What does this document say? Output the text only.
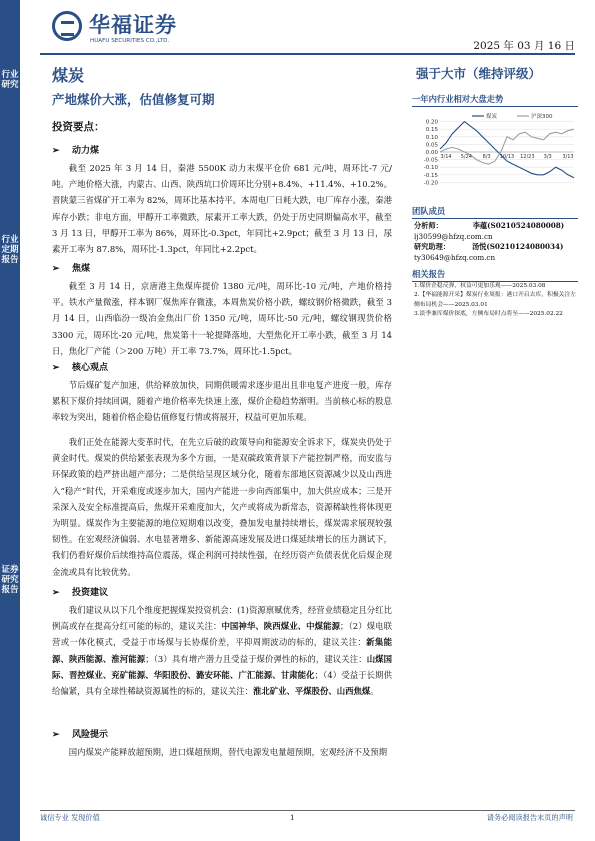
行业研究
行业定期报告
证券研究报告
华福证券
HUAFU SECURITIES CO.,LTD.	2025 年 03 月 16 日
煤炭
产地煤价大涨，估值修复可期
投资要点：
➢ 动力煤
截至 2025 年 3 月 14 日，秦港 5500K 动力末煤平仓价 681 元/吨，周环比-7 元/吨。产地价格大涨，内蒙古、山西、陕西坑口价周环比分别+8.4%、+11.4%、+10.2%。晋陕蒙三省煤矿开工率为 82%，周环比基本持平。本周电厂日耗大跌，电厂库存小涨，秦港库存小跌；非电方面，甲醇开工率微跌，尿素开工率大跌，仍处于历史同期偏高水平，截至 3 月 13 日，甲醇开工率为 86%，周环比-0.3pct，年同比+2.9pct；截至 3 月 13 日，尿素开工率为 87.8%，周环比-1.3pct，年同比+2.2pct。
➢ 焦煤
截至 3 月 14 日，京唐港主焦煤库提价 1380 元/吨，周环比-10 元/吨，产地价格持平。铁水产量微涨，样本钢厂煤焦库存微涨，本周焦炭价格小跌，螺纹钢价格微跌，截至 3 月 14 日，山西临汾一级冶金焦出厂价 1350 元/吨，周环比-50 元/吨，螺纹钢现货价格 3300 元，周环比-20 元/吨，焦炭第十一轮提降落地，大型焦化开工率小跌，截至 3 月 14 日，焦化厂产能（＞200 万吨）开工率 73.7%，周环比-1.5pct。
➢ 核心观点
节后煤矿复产加速，供给释放加快，同期供暖需求逐步退出且非电复产进度一般，库存累积下煤价持续回调，随着产地价格率先快速上涨，煤价企稳趋势渐明。当前核心标的股息率较为突出，随着价格企稳估值修复行情或将展开，权益可更加乐观。
我们正处在能源大变革时代，在先立后破的政策导向和能源安全诉求下，煤炭央仍处于黄金时代。煤炭的供给紧张表现为多个方面，一是双碳政策背景下产能控制严格，而安监与环保政策的趋严挤出超产部分；二是供给呈现区域分化，随着东部地区资源减少以及山西进入“稳产”时代，开采难度或逐步加大，国内产能进一步向西部集中，加大供应成本；三是开采深入及安全标准提高后，焦煤开采难度加大，欠产或将成为新常态，资源稀缺性将体现更为明显。煤炭作为主要能源的地位短期难以改变，叠加发电量持续增长，煤炭需求展现较强韧性。在宏观经济偏弱、水电显著增多、新能源高速发展及进口煤延续增长的压力测试下，我们仍看好煤价后续维持高位震荡，煤企利润可持续性强，在经历资产负债表优化后煤企现金流或具有比较优势。
➢ 投资建议
我们建议从以下几个维度把握煤炭投资机会：(1)资源禀赋优秀，经营业绩稳定且分红比例高或存在提高分红可能的标的，建议关注：中国神华、陕西煤业、中煤能源；（2）煤电联营或一体化模式，受益于市场煤与长协煤价差，平抑周期波动的标的，建议关注：新集能源、陕西能源、淮河能源；（3）具有增产潜力且受益于煤价弹性的标的，建议关注：山煤国际、晋控煤业、兖矿能源、华阳股份、潞安环能、广汇能源、甘肃能化；（4）受益于长期供给偏紧，具有全球性稀缺资源属性的标的，建议关注：淮北矿业、平煤股份、山西焦煤。
➢ 风险提示
国内煤炭产能释放超预期，进口煤超预期，替代电源发电量超预期，宏观经济不及预期
强于大市（维持评级）
一年内行业相对大盘走势
0.20
0.15
0.10
0.05
0.00
-0.05
-0.10
-0.15
-0.20
3/14 5/24 8/3 10/13 12/23 3/3 3/13
煤炭	沪深300
团队成员
分析师：	李蕴(S0210524080008)
lj30599@hfzq.com.cn
研究助理：	汤悦(S0210124080034)
ty30649@hfzq.com.cn
相关报告
1.煤价企稳反弹，权益可更加乐观——2025.03.08
2.【华福能源开采】煤炭行业周报：港口开启去库，积极关注左侧布局机会——2025.03.01
3.淡季兼库煤价探底，左侧布局时点将至——2025.02.22
诚信专业 发现价值	1	请务必阅读报告末页的声明
